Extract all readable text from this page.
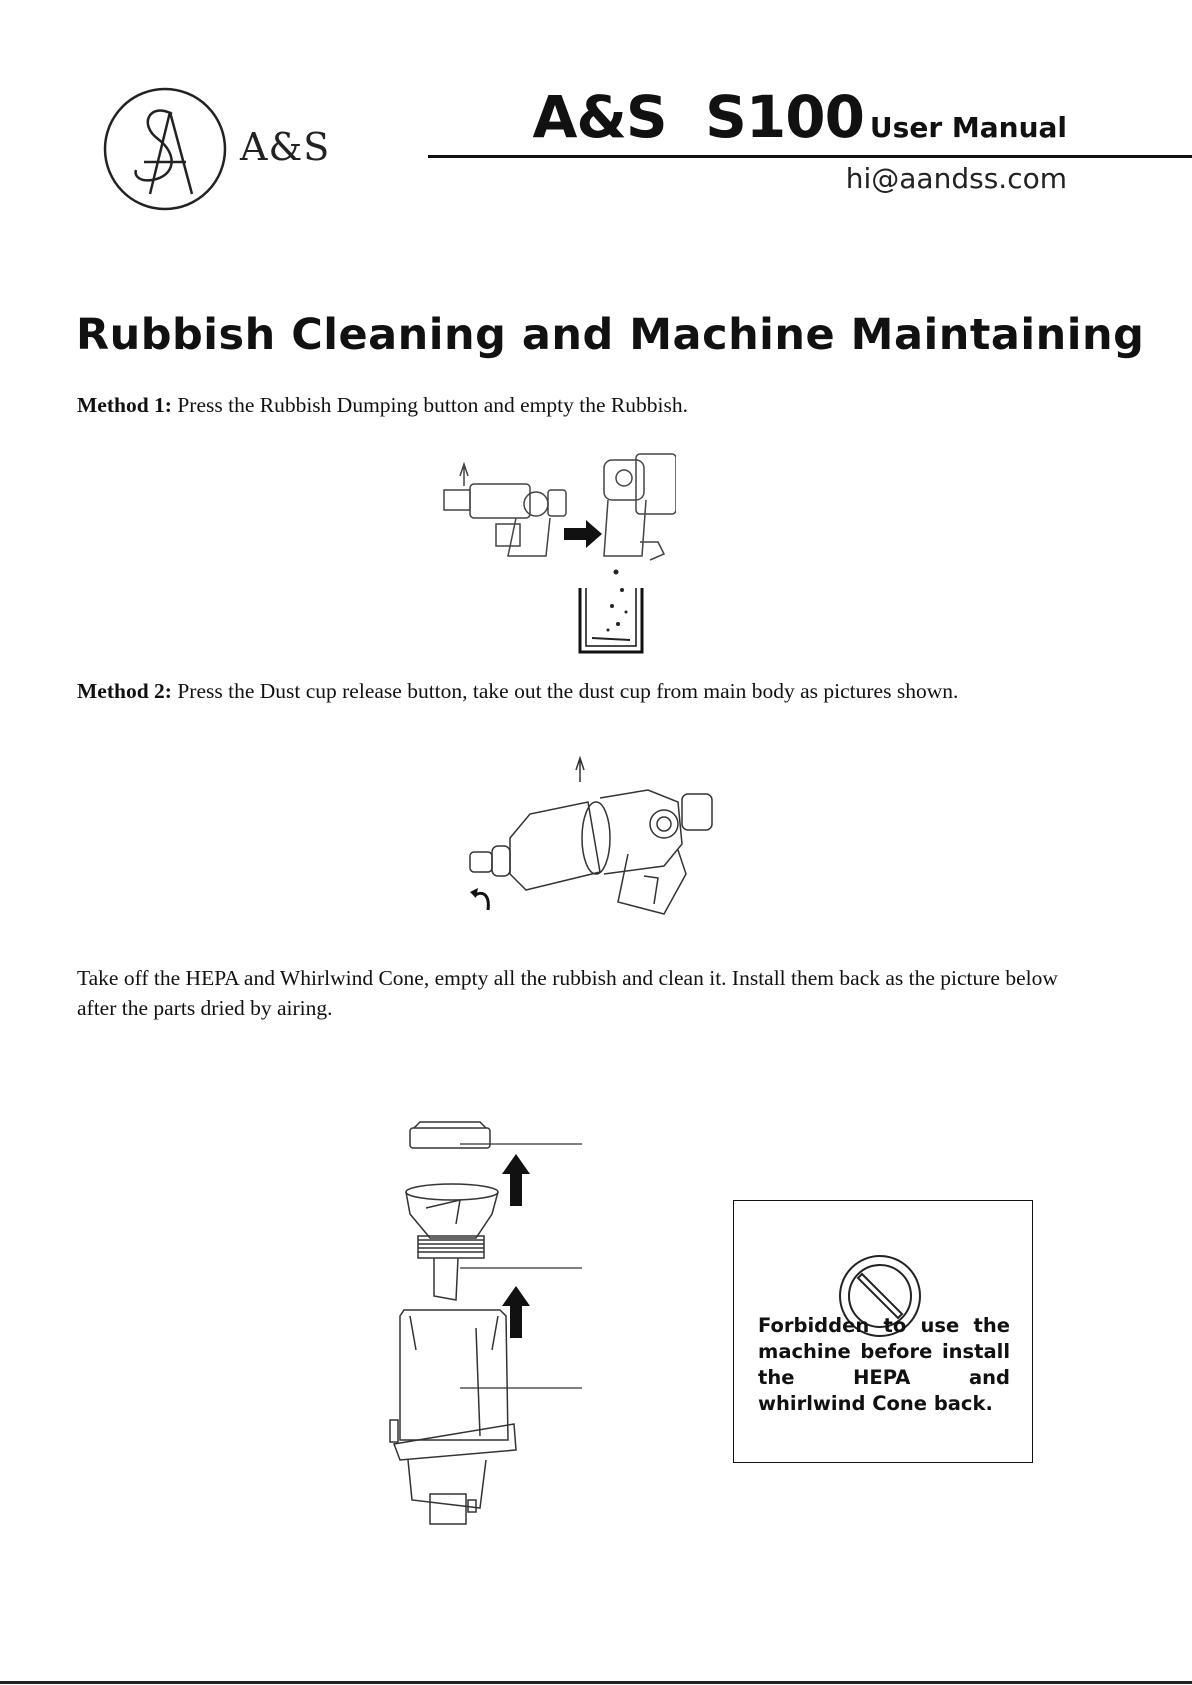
A&S	A&S  S100 User Manual
hi@aandss.com
Rubbish Cleaning and Machine Maintaining
Method 1: Press the Rubbish Dumping button and empty the Rubbish.
Method 2: Press the Dust cup release button, take out the dust cup from main body as pictures shown.
Take off the HEPA and Whirlwind Cone, empty all the rubbish and clean it. Install them back as the picture below after the parts dried by airing.
Forbidden to use the machine before install the HEPA and whirlwind Cone back.
